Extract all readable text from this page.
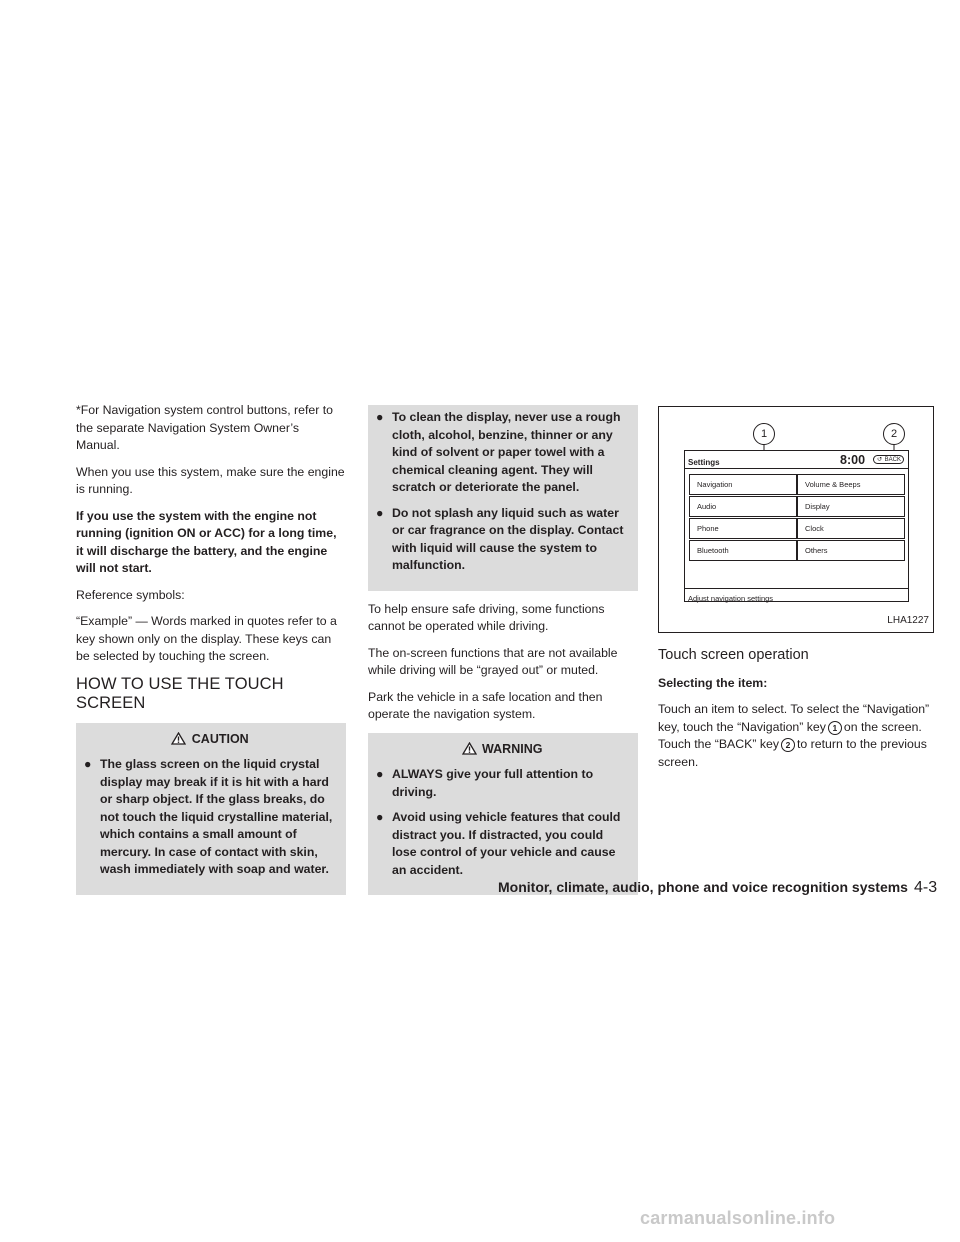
*For Navigation system control buttons, refer to the separate Navigation System Owner’s Manual.

When you use this system, make sure the engine is running.

If you use the system with the engine not running (ignition ON or ACC) for a long time, it will discharge the battery, and the engine will not start.

Reference symbols:

“Example” — Words marked in quotes refer to a key shown only on the display. These keys can be selected by touching the screen.

HOW TO USE THE TOUCH SCREEN
CAUTION
● The glass screen on the liquid crystal display may break if it is hit with a hard or sharp object. If the glass breaks, do not touch the liquid crystalline material, which contains a small amount of mercury. In case of contact with skin, wash immediately with soap and water.
● To clean the display, never use a rough cloth, alcohol, benzine, thinner or any kind of solvent or paper towel with a chemical cleaning agent. They will scratch or deteriorate the panel.
● Do not splash any liquid such as water or car fragrance on the display. Contact with liquid will cause the system to malfunction.

To help ensure safe driving, some functions cannot be operated while driving.

The on-screen functions that are not available while driving will be “grayed out” or muted.

Park the vehicle in a safe location and then operate the navigation system.

WARNING
● ALWAYS give your full attention to driving.
● Avoid using vehicle features that could distract you. If distracted, you could lose control of your vehicle and cause an accident.
1	2
Settings	8:00 ↺ BACK
Navigation
Audio
Phone
Bluetooth
Volume & Beeps
Display
Clock
Others
Adjust navigation settings
LHA1227
Touch screen operation

Selecting the item:

Touch an item to select. To select the “Navigation” key, touch the “Navigation” key 1 on the screen. Touch the “BACK” key 2 to return to the previous screen.

Monitor, climate, audio, phone and voice recognition systems 4-3
carmanualsonline.info
